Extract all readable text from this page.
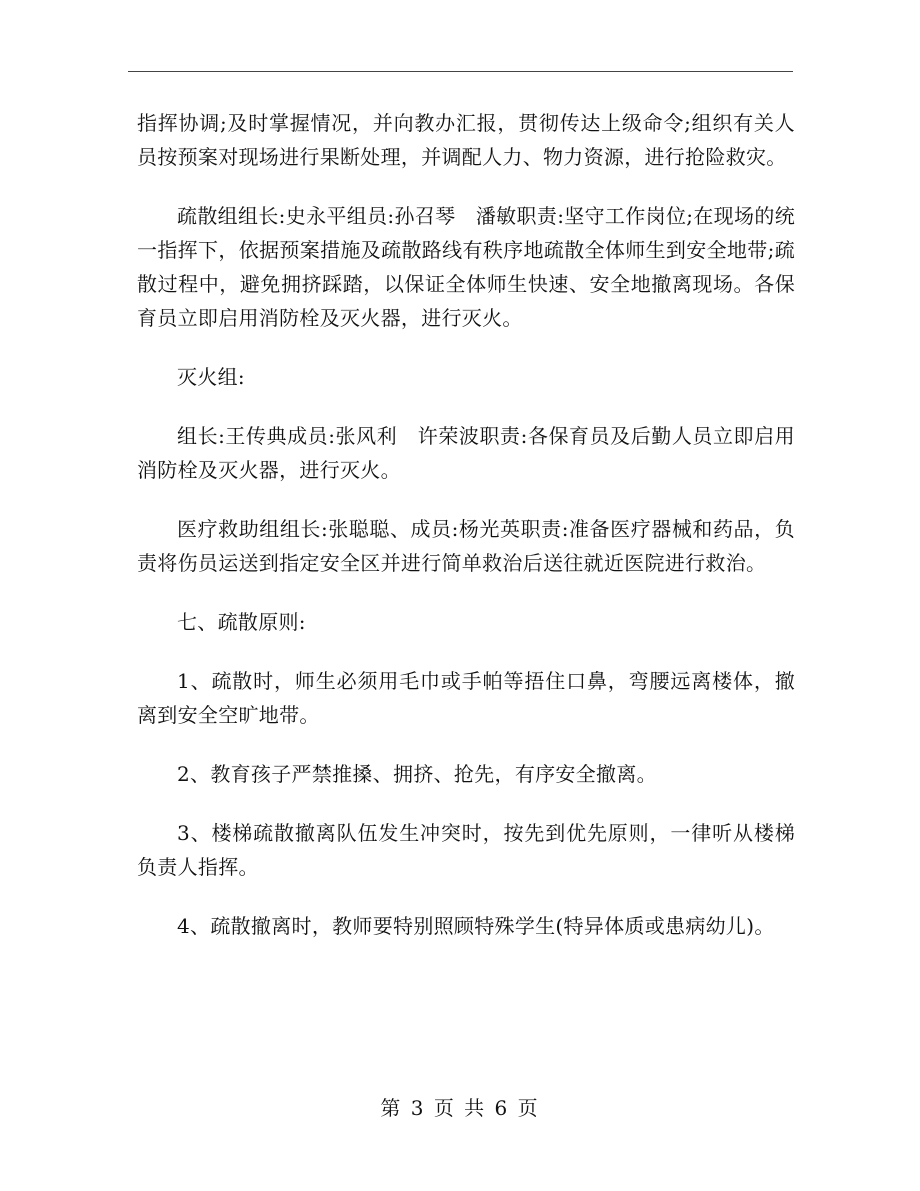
指挥协调;及时掌握情况，并向教办汇报，贯彻传达上级命令;组织有关人员按预案对现场进行果断处理，并调配人力、物力资源，进行抢险救灾。

疏散组组长:史永平组员:孙召琴　潘敏职责:坚守工作岗位;在现场的统一指挥下，依据预案措施及疏散路线有秩序地疏散全体师生到安全地带;疏散过程中，避免拥挤踩踏，以保证全体师生快速、安全地撤离现场。各保育员立即启用消防栓及灭火器，进行灭火。

灭火组:

组长:王传典成员:张风利　许荣波职责:各保育员及后勤人员立即启用消防栓及灭火器，进行灭火。

医疗救助组组长:张聪聪、成员:杨光英职责:准备医疗器械和药品，负责将伤员运送到指定安全区并进行简单救治后送往就近医院进行救治。

七、疏散原则:

1、疏散时，师生必须用毛巾或手帕等捂住口鼻，弯腰远离楼体，撤离到安全空旷地带。

2、教育孩子严禁推搡、拥挤、抢先，有序安全撤离。

3、楼梯疏散撤离队伍发生冲突时，按先到优先原则，一律听从楼梯负责人指挥。

4、疏散撤离时，教师要特别照顾特殊学生(特异体质或患病幼儿)。

第 3 页 共 6 页
